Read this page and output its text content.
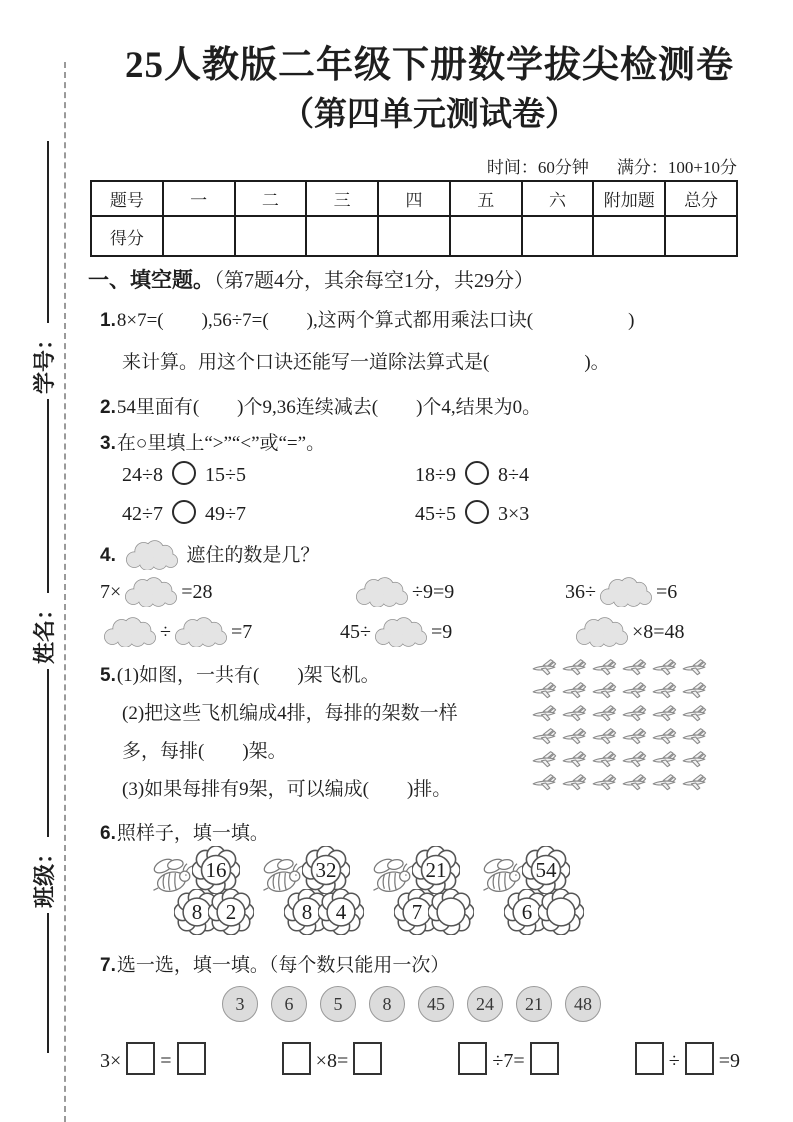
班级：
姓名：
学号：
25人教版二年级下册数学拔尖检测卷
（第四单元测试卷）
时间：60分钟 满分：100+10分
题号	一	二	三	四	五	六	附加题	总分
得分								
一、填空题。（第7题4分，其余每空1分，共29分）
1.8×7=(　　),56÷7=(　　),这两个算式都用乘法口诀(　　　　　)
来计算。用这个口诀还能写一道除法算式是(　　　　　)。
2.54里面有(　　)个9,36连续减去(　　)个4,结果为0。
3.在○里填上“>”“<”或“=”。
24÷8 15÷5	18÷9 8÷4
42÷7 49÷7	45÷5 3×3
4.	遮住的数是几？
7×	=28	÷9=9	36÷	=6
÷	=7	45÷	=9	×8=48
5.(1)如图，一共有(　　)架飞机。
(2)把这些飞机编成4排，每排的架数一样
多，每排(　　)架。
(3)如果每排有9架，可以编成(　　)排。
6.照样子，填一填。
16
8	2
32
8	4
21
7
54
6
7.选一选，填一填。（每个数只能用一次）
3	6	5	8	45	24	21	48
3× =	×8=	÷7=	÷ =9
